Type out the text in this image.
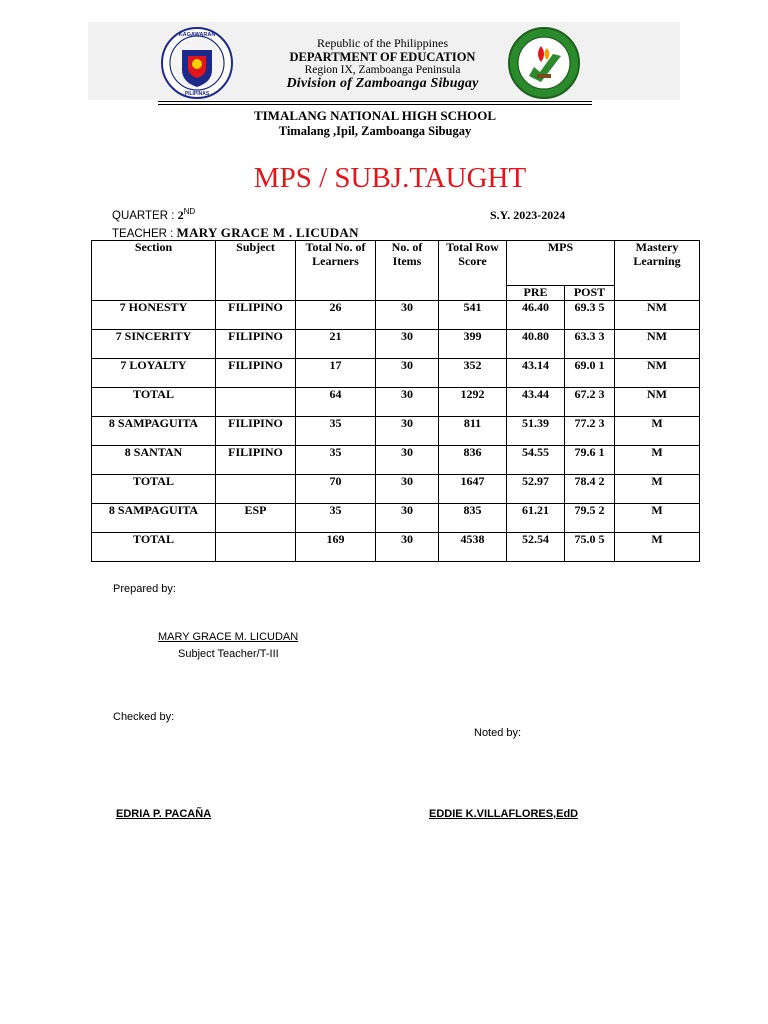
KAGAWARAN
PILIPINAS
Republic of the Philippines
DEPARTMENT OF EDUCATION
Region IX, Zamboanga Peninsula
Division of Zamboanga Sibugay
TIMALANG NATIONAL HIGH SCHOOL
Timalang ,Ipil, Zamboanga Sibugay
MPS / SUBJ.TAUGHT
QUARTER : 2ND	S.Y. 2023-2024
TEACHER : MARY GRACE M . LICUDAN
Section	Subject	Total No. of Learners	No. of Items	Total Row Score	MPS		Mastery Learning
					PRE	POST	
7 HONESTY	FILIPINO	26	30	541	46.40	69.3 5	NM
7 SINCERITY	FILIPINO	21	30	399	40.80	63.3 3	NM
7 LOYALTY	FILIPINO	17	30	352	43.14	69.0 1	NM
TOTAL		64	30	1292	43.44	67.2 3	NM
8 SAMPAGUITA	FILIPINO	35	30	811	51.39	77.2 3	M
8 SANTAN	FILIPINO	35	30	836	54.55	79.6 1	M
TOTAL		70	30	1647	52.97	78.4 2	M
8 SAMPAGUITA	ESP	35	30	835	61.21	79.5 2	M
TOTAL		169	30	4538	52.54	75.0 5	M
Prepared by:
MARY GRACE M. LICUDAN
Subject Teacher/T-III
Checked by:
Noted by:
EDRIA P. PACAÑA	EDDIE K.VILLAFLORES,EdD
